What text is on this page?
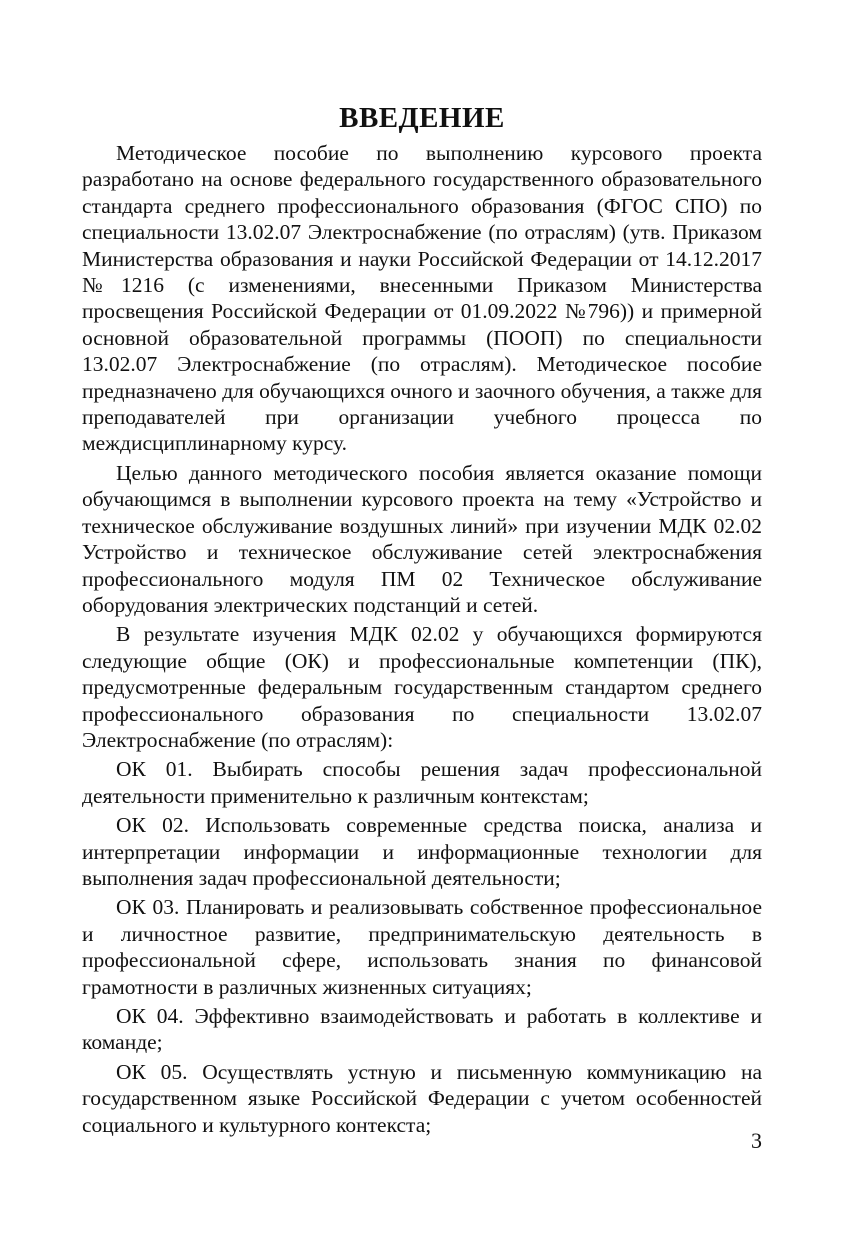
ВВЕДЕНИЕ

Методическое пособие по выполнению курсового проекта разработано на основе федерального государственного образовательного стандарта среднего профессионального образования (ФГОС СПО) по специальности 13.02.07 Электроснабжение (по отраслям) (утв. Приказом Министерства образования и науки Российской Федерации от 14.12.2017 №1216 (с изменениями, внесенными Приказом Министерства просвещения Российской Федерации от 01.09.2022 №796)) и примерной основной образовательной программы (ПООП) по специальности 13.02.07 Электроснабжение (по отраслям). Методическое пособие предназначено для обучающихся очного и заочного обучения, а также для преподавателей при организации учебного процесса по междисциплинарному курсу.

Целью данного методического пособия является оказание помощи обучающимся в выполнении курсового проекта на тему «Устройство и техническое обслуживание воздушных линий» при изучении МДК 02.02 Устройство и техническое обслуживание сетей электроснабжения профессионального модуля ПМ 02 Техническое обслуживание оборудования электрических подстанций и сетей.

В результате изучения МДК 02.02 у обучающихся формируются следующие общие (ОК) и профессиональные компетенции (ПК), предусмотренные федеральным государственным стандартом среднего профессионального образования по специальности 13.02.07 Электроснабжение (по отраслям):

ОК 01. Выбирать способы решения задач профессиональной деятельности применительно к различным контекстам;

ОК 02. Использовать современные средства поиска, анализа и интерпретации информации и информационные технологии для выполнения задач профессиональной деятельности;

ОК 03. Планировать и реализовывать собственное профессиональное и личностное развитие, предпринимательскую деятельность в профессиональной сфере, использовать знания по финансовой грамотности в различных жизненных ситуациях;

ОК 04. Эффективно взаимодействовать и работать в коллективе и команде;

ОК 05. Осуществлять устную и письменную коммуникацию на государственном языке Российской Федерации с учетом особенностей социального и культурного контекста;

3
